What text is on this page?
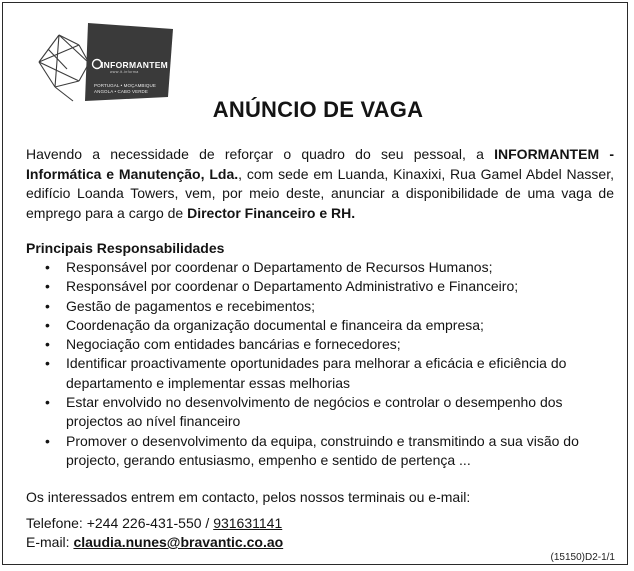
INFORMANTEM
www.it-informa
PORTUGAL • MOÇAMBIQUE
ANGOLA • CABO VERDE
ANÚNCIO DE VAGA
Havendo a necessidade de reforçar o quadro do seu pessoal, a INFORMANTEM - Informática e Manutenção, Lda., com sede em Luanda, Kinaxixi, Rua Gamel Abdel Nasser, edifício Loanda Towers, vem, por meio deste, anunciar a disponibilidade de uma vaga de emprego para a cargo de Director Financeiro e RH.
Principais Responsabilidades
• Responsável por coordenar o Departamento de Recursos Humanos;
• Responsável por coordenar o Departamento Administrativo e Financeiro;
• Gestão de pagamentos e recebimentos;
• Coordenação da organização documental e financeira da empresa;
• Negociação com entidades bancárias e fornecedores;
• Identificar proactivamente oportunidades para melhorar a eficácia e eficiência do departamento e implementar essas melhorias
• Estar envolvido no desenvolvimento de negócios e controlar o desempenho dos projectos ao nível financeiro
• Promover o desenvolvimento da equipa, construindo e transmitindo a sua visão do projecto, gerando entusiasmo, empenho e sentido de pertença ...
Os interessados entrem em contacto, pelos nossos terminais ou e-mail:
Telefone: +244 226-431-550 / 931631141
E-mail: claudia.nunes@bravantic.co.ao
(15150)D2-1/1
